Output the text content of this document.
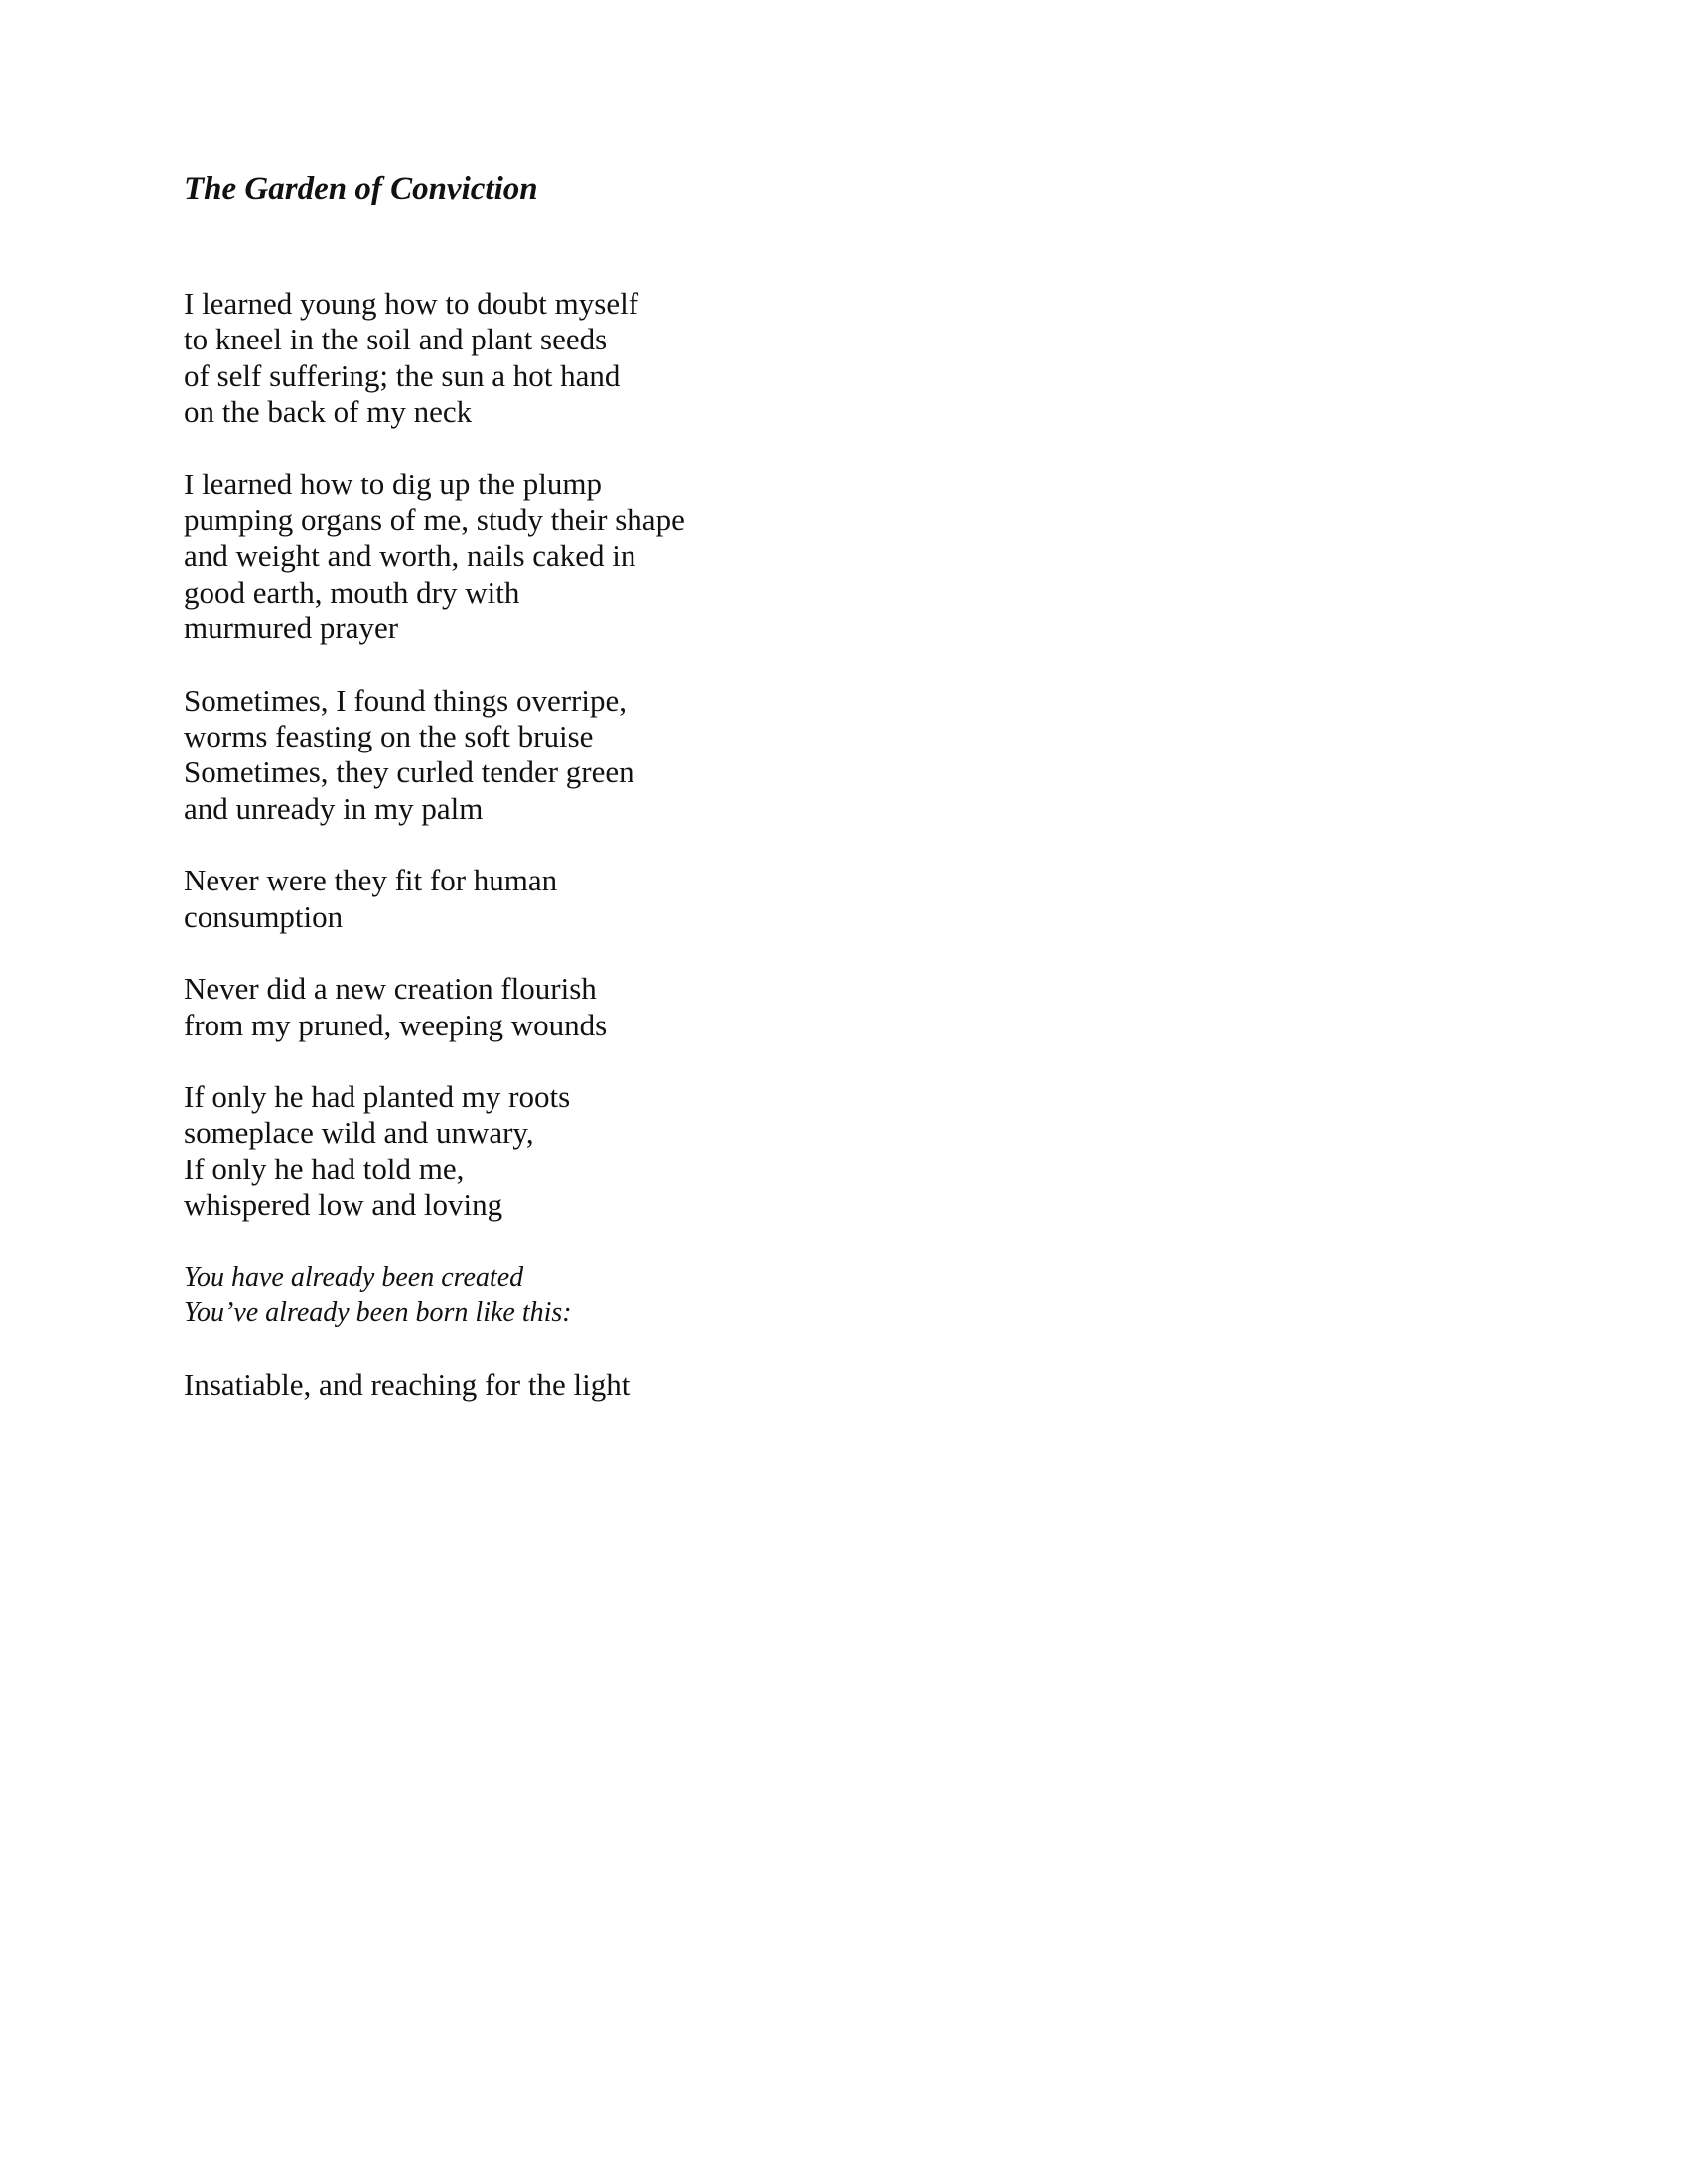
The Garden of Conviction
I learned young how to doubt myself
to kneel in the soil and plant seeds
of self suffering; the sun a hot hand
on the back of my neck
I learned how to dig up the plump
pumping organs of me, study their shape
and weight and worth, nails caked in
good earth, mouth dry with
murmured prayer
Sometimes, I found things overripe,
worms feasting on the soft bruise
Sometimes, they curled tender green
and unready in my palm
Never were they fit for human
consumption
Never did a new creation flourish
from my pruned, weeping wounds
If only he had planted my roots
someplace wild and unwary,
If only he had told me,
whispered low and loving
You have already been created
You’ve already been born like this:
Insatiable, and reaching for the light
